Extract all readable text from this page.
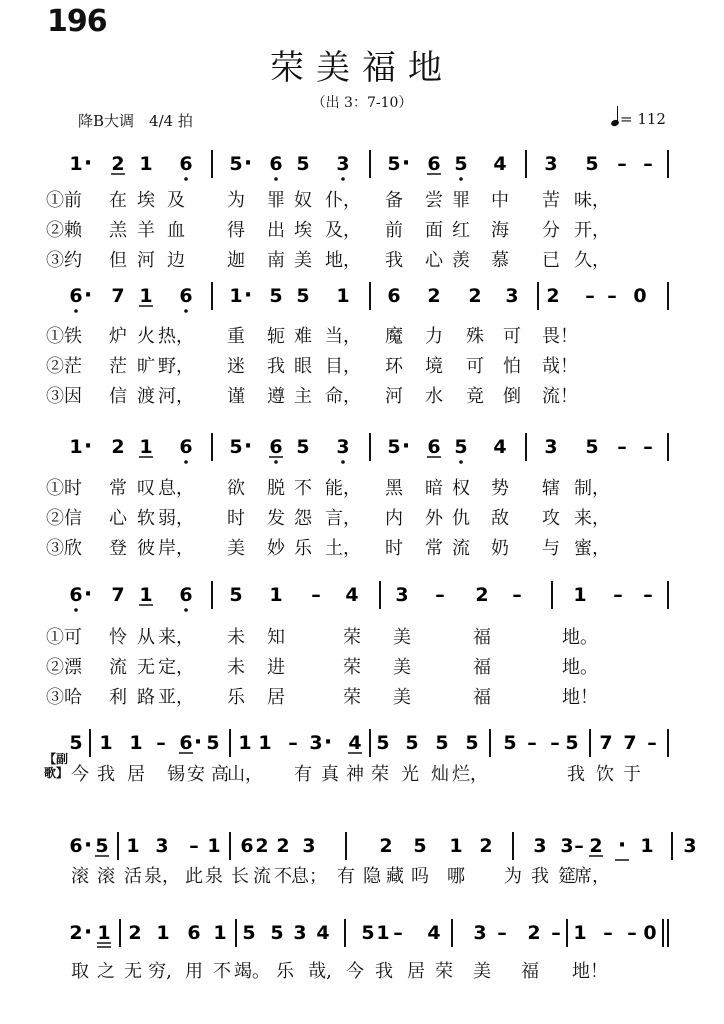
196
荣美福地
（出 3：7-10）
降B大调　4/4 拍	= 112
1 · 2 1 6 5 · 6 5 3 5 · 6 5 4 3 5 – –
①前 在 埃 及 为 罪 奴 仆， 备 尝 罪 中 苦 味，
②赖 羔 羊 血 得 出 埃 及， 前 面 红 海 分 开，
③约 但 河 边 迦 南 美 地， 我 心 羡 慕 已 久，
6 · 7 1 6 1 · 5 5 1 6 2 2 3 2 – – 0
①铁 炉 火 热， 重 轭 难 当， 魔 力 殊 可 畏！
②茫 茫 旷 野， 迷 我 眼 目， 环 境 可 怕 哉！
③因 信 渡 河， 谨 遵 主 命， 河 水 竟 倒 流！
1 · 2 1 6 5 · 6 5 3 5 · 6 5 4 3 5 – –
①时 常 叹 息， 欲 脱 不 能， 黑 暗 权 势 辖 制，
②信 心 软 弱， 时 发 怨 言， 内 外 仇 敌 攻 来，
③欣 登 彼 岸， 美 妙 乐 土， 时 常 流 奶 与 蜜，
6 · 7 1 6 5 1 – 4 3 – 2 –	1 – –
①可 怜 从 来， 未 知	荣 美	福	地。
②漂 流 无 定， 未 进	荣 美	福	地。
③哈 利 路 亚， 乐 居	荣 美	福	地！
5 1 1 – 6 · 5 1 1 – 3 · 4 5 5 5 5 5 – – 5 7 7 –
今 我 居 锡 安 高
山， 有 真 神 荣 光 灿 烂，	我 饮 于
6 · 5 1 3 – 1 6 2 2 3	2 5 1 2 3 3 – 2 · 1 3
滚 滚 活 泉， 此 泉 长 流 不 息； 有 隐 藏 吗 哪 为 我 筵
席，
2 · 1 2 1 6 1 5 5 3 4 5 1 – 4 3 – 2 – 1 – – 0
取 之 无 穷, 用 不 竭。 乐 哉, 今 我 居 荣 美 福 地！
【副歌】
